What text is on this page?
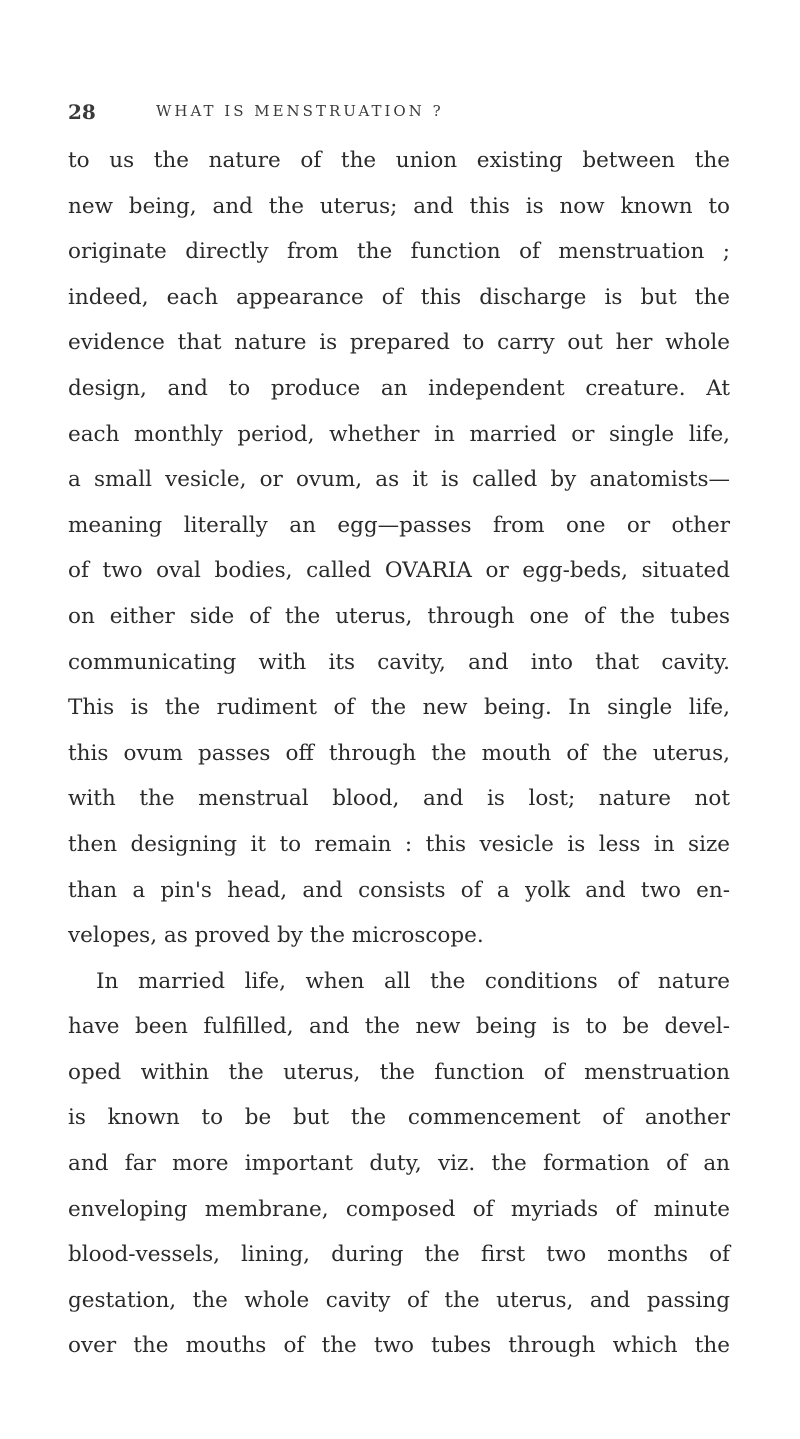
28	WHAT IS MENSTRUATION ?
to us the nature of the union existing between the
new being, and the uterus; and this is now known to
originate directly from the function of menstruation ;
indeed, each appearance of this discharge is but the
evidence that nature is prepared to carry out her whole
design, and to produce an independent creature. At
each monthly period, whether in married or single life,
a small vesicle, or ovum, as it is called by anatomists—
meaning literally an egg—passes from one or other
of two oval bodies, called OVARIA or egg-beds, situated
on either side of the uterus, through one of the tubes
communicating with its cavity, and into that cavity.
This is the rudiment of the new being. In single life,
this ovum passes off through the mouth of the uterus,
with the menstrual blood, and is lost; nature not
then designing it to remain : this vesicle is less in size
than a pin's head, and consists of a yolk and two en-
velopes, as proved by the microscope.
In married life, when all the conditions of nature
have been fulfilled, and the new being is to be devel-
oped within the uterus, the function of menstruation
is known to be but the commencement of another
and far more important duty, viz. the formation of an
enveloping membrane, composed of myriads of minute
blood-vessels, lining, during the first two months of
gestation, the whole cavity of the uterus, and passing
over the mouths of the two tubes through which the
